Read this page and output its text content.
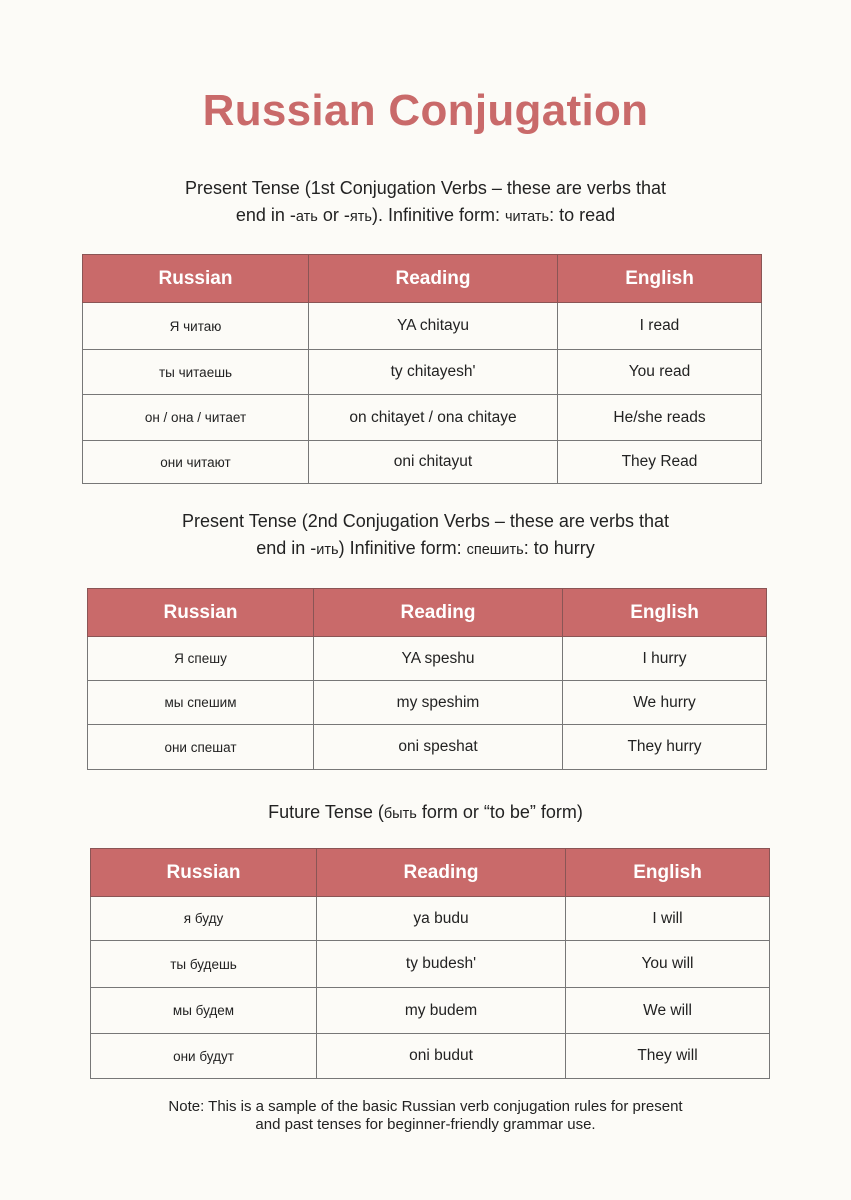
Russian Conjugation
Present Tense (1st Conjugation Verbs – these are verbs that
end in -ать or -ять). Infinitive form: читать: to read
Russian	Reading	English
Я читаю	YA chitayu	I read
ты читаешь	ty chitayesh'	You read
он / она / читает	on chitayet / ona chitaye	He/she reads
они читают	oni chitayut	They Read
Present Tense (2nd Conjugation Verbs – these are verbs that
end in -ить) Infinitive form: спешить: to hurry
Russian	Reading	English
Я спешу	YA speshu	I hurry
мы спешим	my speshim	We hurry
они спешат	oni speshat	They hurry
Future Tense (быть form or “to be” form)
Russian	Reading	English
я буду	ya budu	I will
ты будешь	ty budesh'	You will
мы будем	my budem	We will
они будут	oni budut	They will
Note: This is a sample of the basic Russian verb conjugation rules for present
and past tenses for beginner-friendly grammar use.
